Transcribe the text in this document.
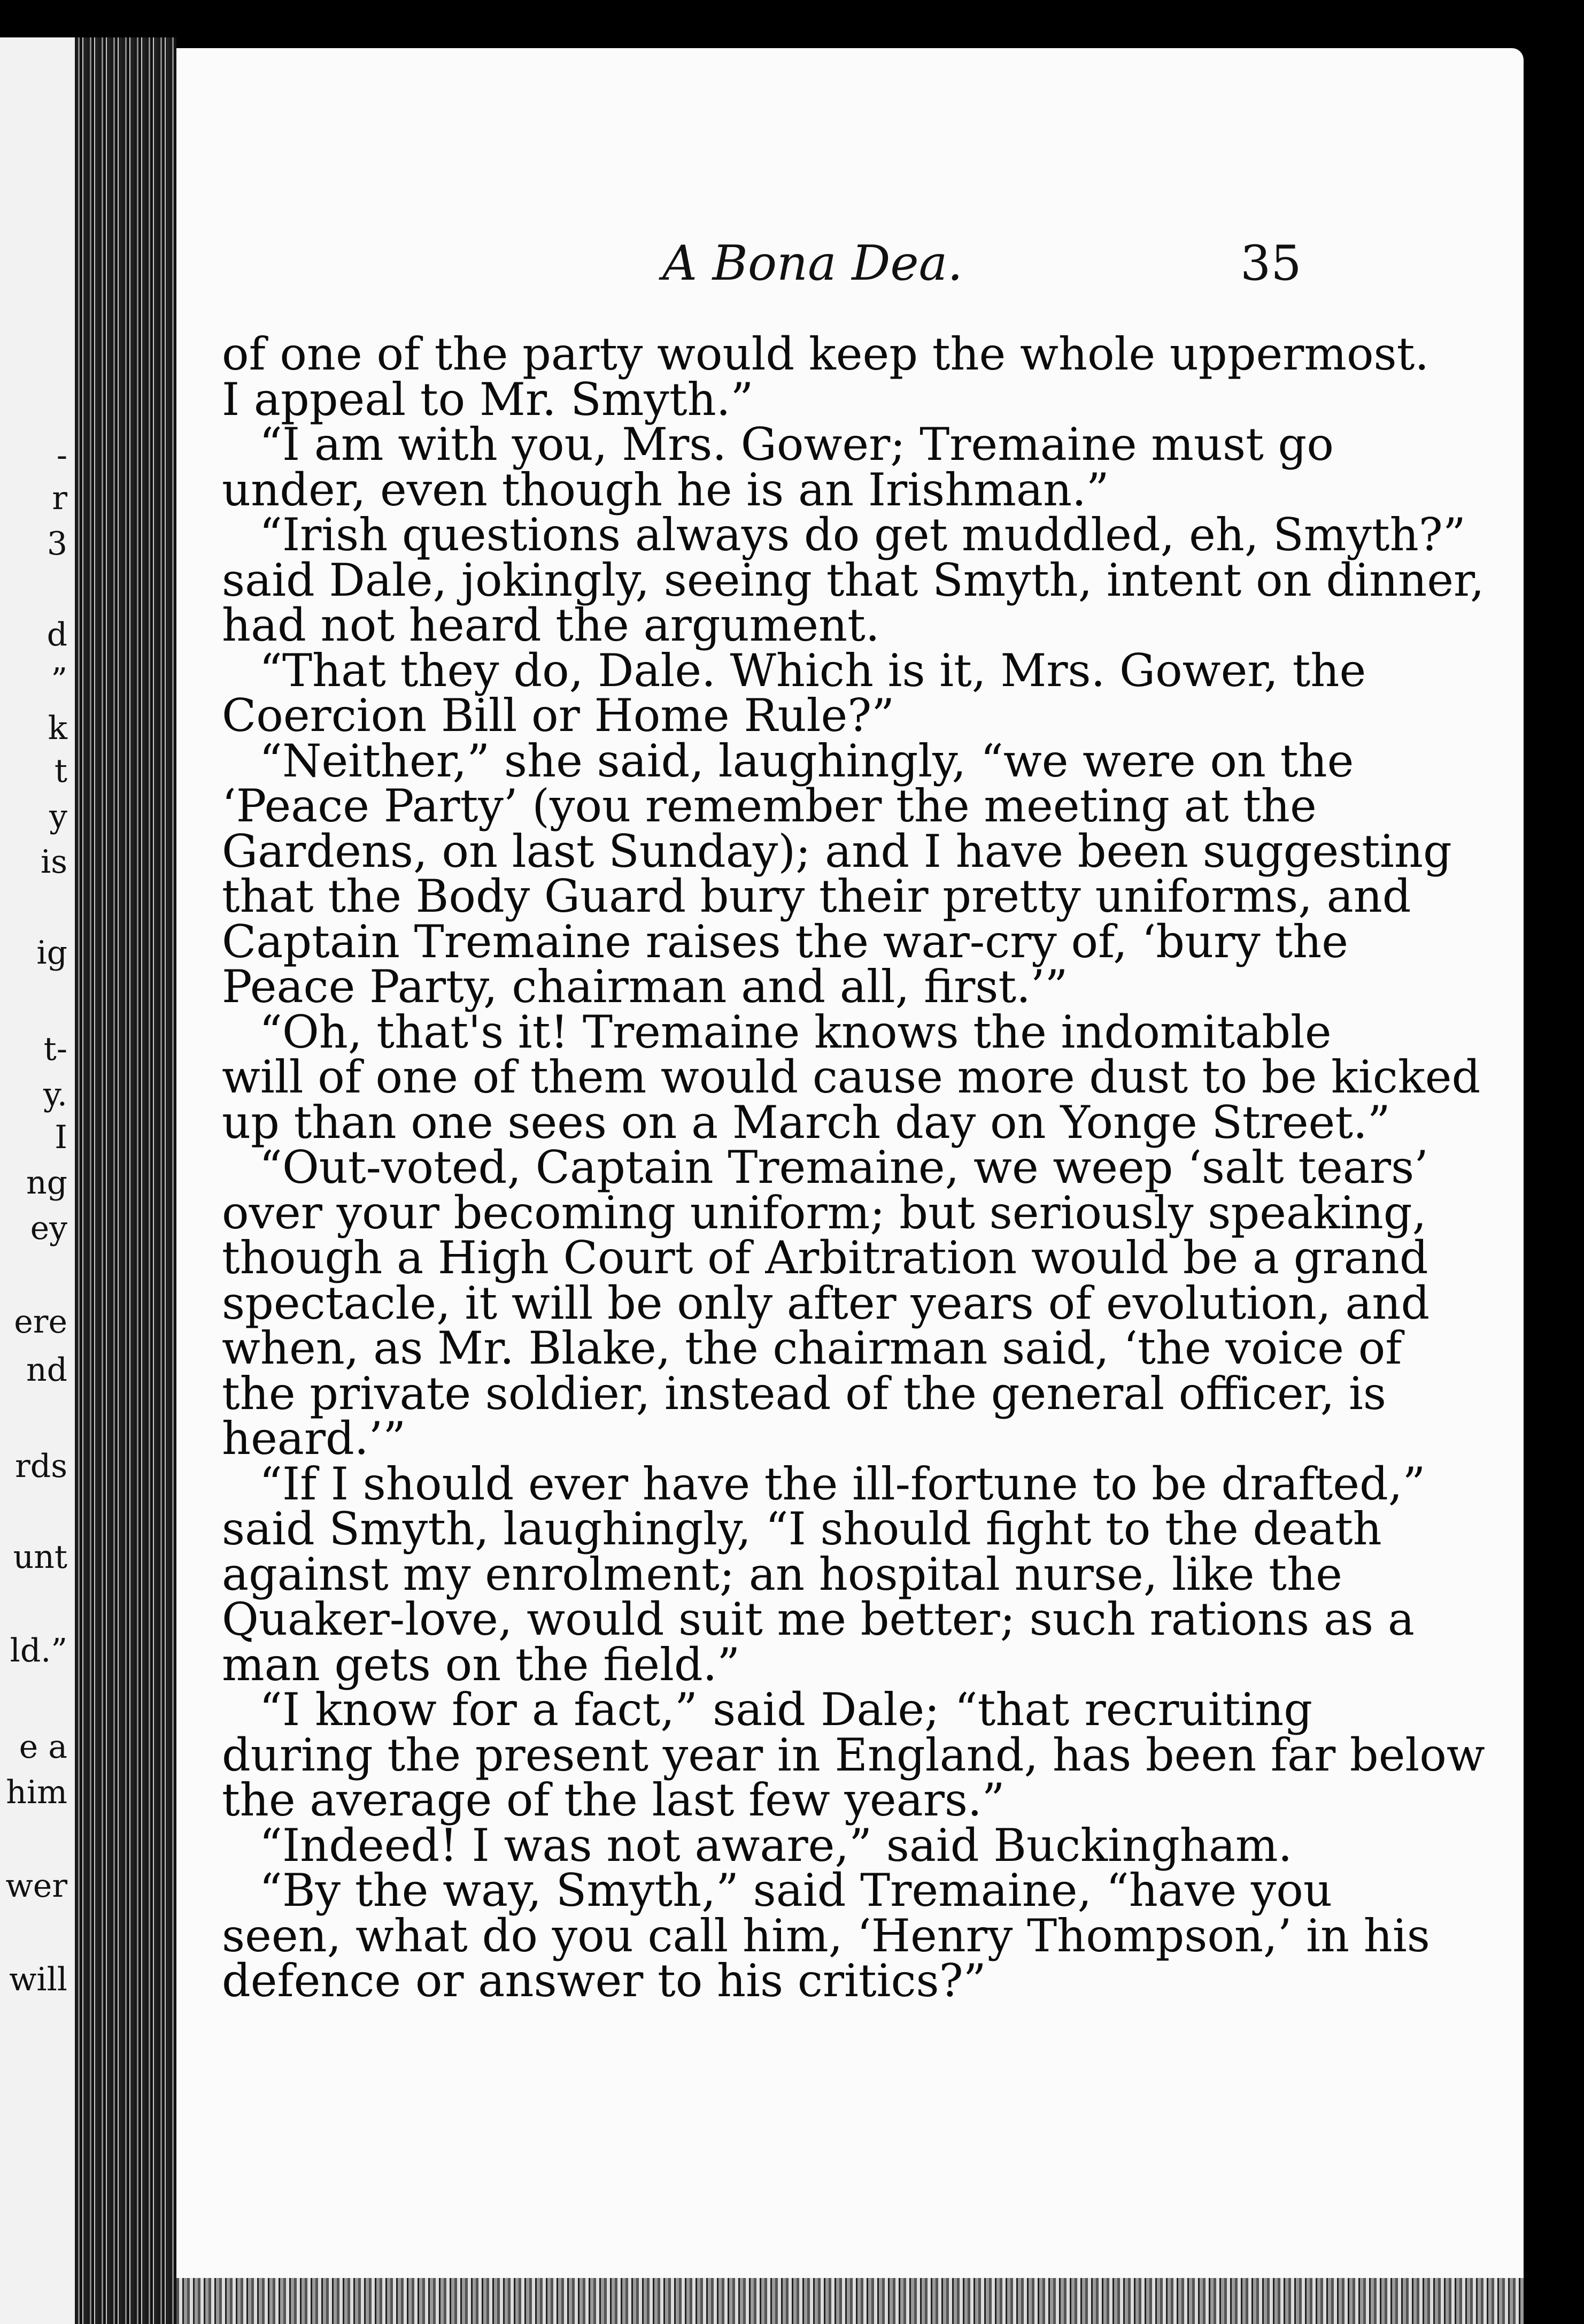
-
r
3
d
”
k
t
y
is
ig
t-
y.
I
ng
ey
ere
nd
rds
unt
ld.”
e a
him
wer
will
A Bona Dea.	35
of one of the party would keep the whole uppermost.
I appeal to Mr. Smyth.”
“I am with you, Mrs. Gower; Tremaine must go
under, even though he is an Irishman.”
“Irish questions always do get muddled, eh, Smyth?”
said Dale, jokingly, seeing that Smyth, intent on dinner,
had not heard the argument.
“That they do, Dale. Which is it, Mrs. Gower, the
Coercion Bill or Home Rule?”
“Neither,” she said, laughingly, “we were on the
‘Peace Party’ (you remember the meeting at the
Gardens, on last Sunday); and I have been suggesting
that the Body Guard bury their pretty uniforms, and
Captain Tremaine raises the war-cry of, ‘bury the
Peace Party, chairman and all, first.’”
“Oh, that's it! Tremaine knows the indomitable
will of one of them would cause more dust to be kicked
up than one sees on a March day on Yonge Street.”
“Out-voted, Captain Tremaine, we weep ‘salt tears’
over your becoming uniform; but seriously speaking,
though a High Court of Arbitration would be a grand
spectacle, it will be only after years of evolution, and
when, as Mr. Blake, the chairman said, ‘the voice of
the private soldier, instead of the general officer, is
heard.’”
“If I should ever have the ill-fortune to be drafted,”
said Smyth, laughingly, “I should fight to the death
against my enrolment; an hospital nurse, like the
Quaker-love, would suit me better; such rations as a
man gets on the field.”
“I know for a fact,” said Dale; “that recruiting
during the present year in England, has been far below
the average of the last few years.”
“Indeed! I was not aware,” said Buckingham.
“By the way, Smyth,” said Tremaine, “have you
seen, what do you call him, ‘Henry Thompson,’ in his
defence or answer to his critics?”
